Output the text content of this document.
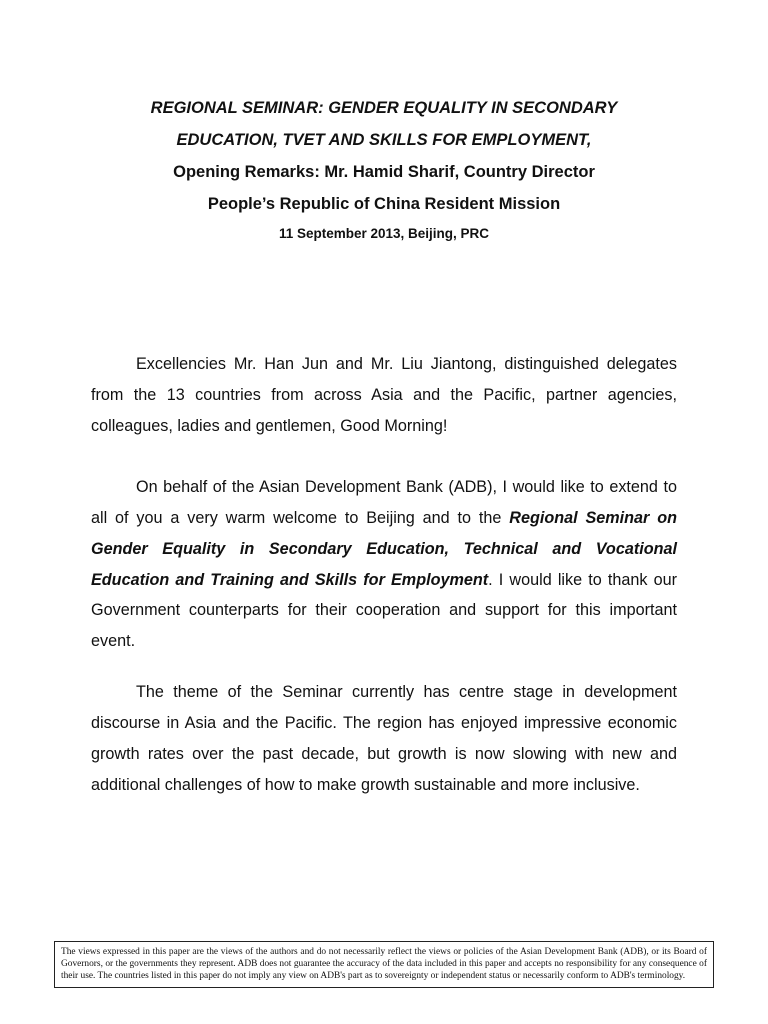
REGIONAL SEMINAR: GENDER EQUALITY IN SECONDARY
EDUCATION, TVET AND SKILLS FOR EMPLOYMENT,
Opening Remarks: Mr. Hamid Sharif, Country Director
People’s Republic of China Resident Mission
11 September 2013, Beijing, PRC

Excellencies Mr. Han Jun and Mr. Liu Jiantong, distinguished delegates from the 13 countries from across Asia and the Pacific, partner agencies, colleagues, ladies and gentlemen, Good Morning!

On behalf of the Asian Development Bank (ADB), I would like to extend to all of you a very warm welcome to Beijing and to the Regional Seminar on Gender Equality in Secondary Education, Technical and Vocational Education and Training and Skills for Employment. I would like to thank our Government counterparts for their cooperation and support for this important event.

The theme of the Seminar currently has centre stage in development discourse in Asia and the Pacific. The region has enjoyed impressive economic growth rates over the past decade, but growth is now slowing with new and additional challenges of how to make growth sustainable and more inclusive.

The views expressed in this paper are the views of the authors and do not necessarily reflect the views or policies of the Asian Development Bank (ADB), or its Board of Governors, or the governments they represent. ADB does not guarantee the accuracy of the data included in this paper and accepts no responsibility for any consequence of their use. The countries listed in this paper do not imply any view on ADB's part as to sovereignty or independent status or necessarily conform to ADB's terminology.
